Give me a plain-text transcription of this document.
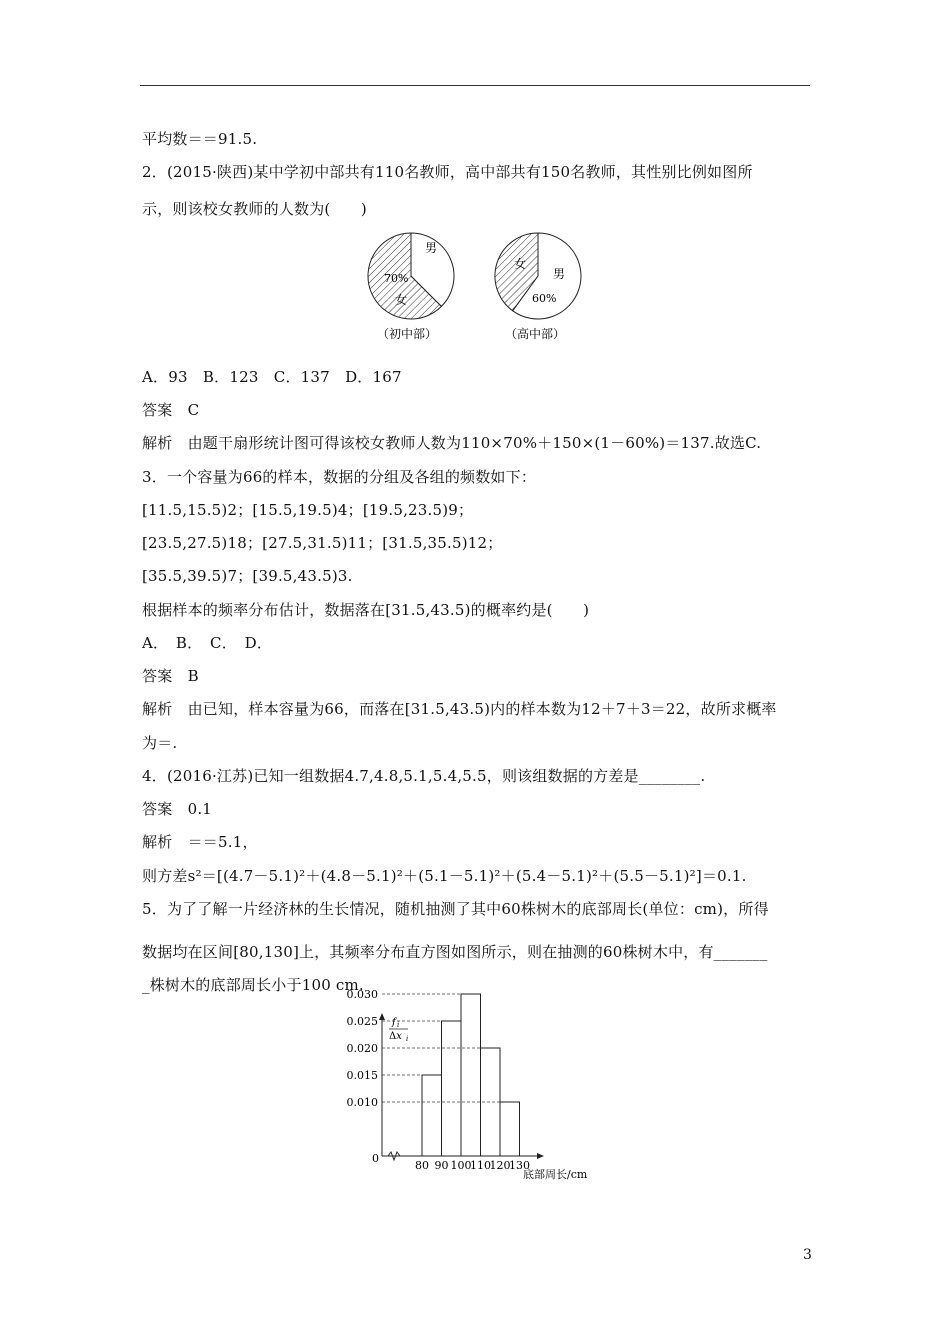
平均数＝＝91.5.
2．(2015·陕西)某中学初中部共有110名教师，高中部共有150名教师，其性别比例如图所
示，则该校女教师的人数为(　　)
70%
女
男
（初中部）
女
男
60%
（高中部）
A．93　B．123　C．137　D．167
答案　C
解析　由题干扇形统计图可得该校女教师人数为110×70%＋150×(1－60%)＝137.故选C.
3．一个容量为66的样本，数据的分组及各组的频数如下：
[11.5,15.5)2；[15.5,19.5)4；[19.5,23.5)9；
[23.5,27.5)18；[27.5,31.5)11；[31.5,35.5)12；
[35.5,39.5)7；[39.5,43.5)3.
根据样本的频率分布估计，数据落在[31.5,43.5)的概率约是(　　)
A．　B．　C．　D．
答案　B
解析　由已知，样本容量为66，而落在[31.5,43.5)内的样本数为12＋7＋3＝22，故所求概率
为＝.
4．(2016·江苏)已知一组数据4.7,4.8,5.1,5.4,5.5，则该组数据的方差是________.
答案　0.1
解析　＝＝5.1，
则方差s²＝[(4.7－5.1)²＋(4.8－5.1)²＋(5.1－5.1)²＋(5.4－5.1)²＋(5.5－5.1)²]＝0.1.
5．为了了解一片经济林的生长情况，随机抽测了其中60株树木的底部周长(单位：cm)，所得
数据均在区间[80,130]上，其频率分布直方图如图所示，则在抽测的60株树木中，有_______
_株树木的底部周长小于100 cm.
f i
Δx i
0
0.010
0.015
0.020
0.025
0.030
80 90 100
110
120
130
底部周长/cm
3
